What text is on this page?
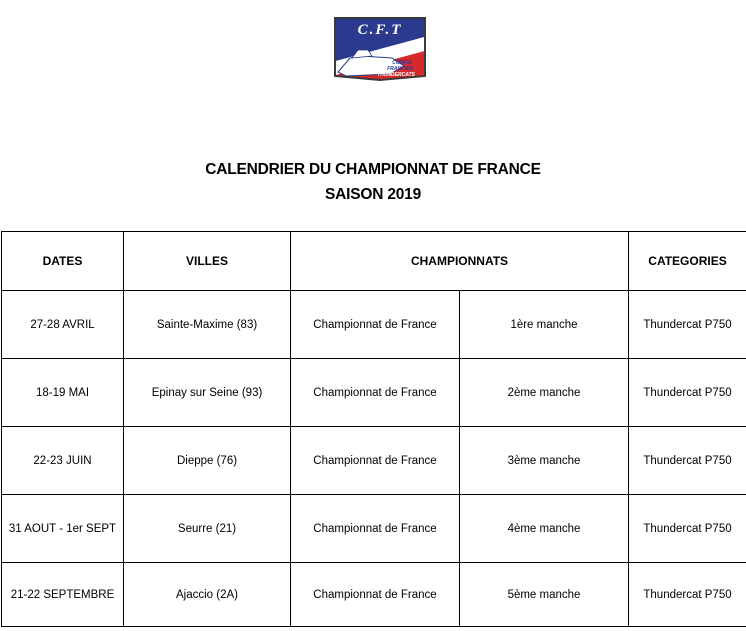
C.F.T
COMITE
FRANCAIS
THUNDERCATS
CALENDRIER DU CHAMPIONNAT DE FRANCE
SAISON 2019
DATES	VILLES	CHAMPIONNATS		CATEGORIES
27-28 AVRIL	Sainte-Maxime (83)	Championnat de France	1ère manche	Thundercat P750
18-19 MAI	Epinay sur Seine (93)	Championnat de France	2ème manche	Thundercat P750
22-23 JUIN	Dieppe (76)	Championnat de France	3ème manche	Thundercat P750
31 AOUT - 1er SEPT	Seurre (21)	Championnat de France	4ème manche	Thundercat P750
21-22 SEPTEMBRE	Ajaccio (2A)	Championnat de France	5ème manche	Thundercat P750
